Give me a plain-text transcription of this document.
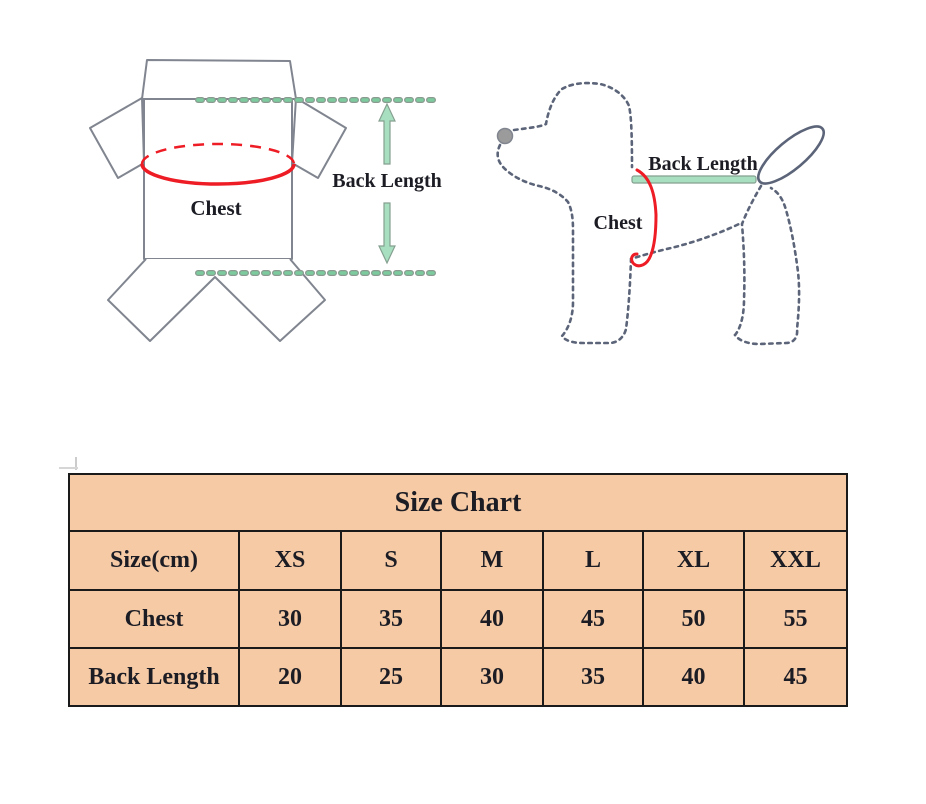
Chest
Back Length
Back Length
Chest
Size Chart						
Size(cm)	XS	S	M	L	XL	XXL
Chest	30	35	40	45	50	55
Back Length	20	25	30	35	40	45
